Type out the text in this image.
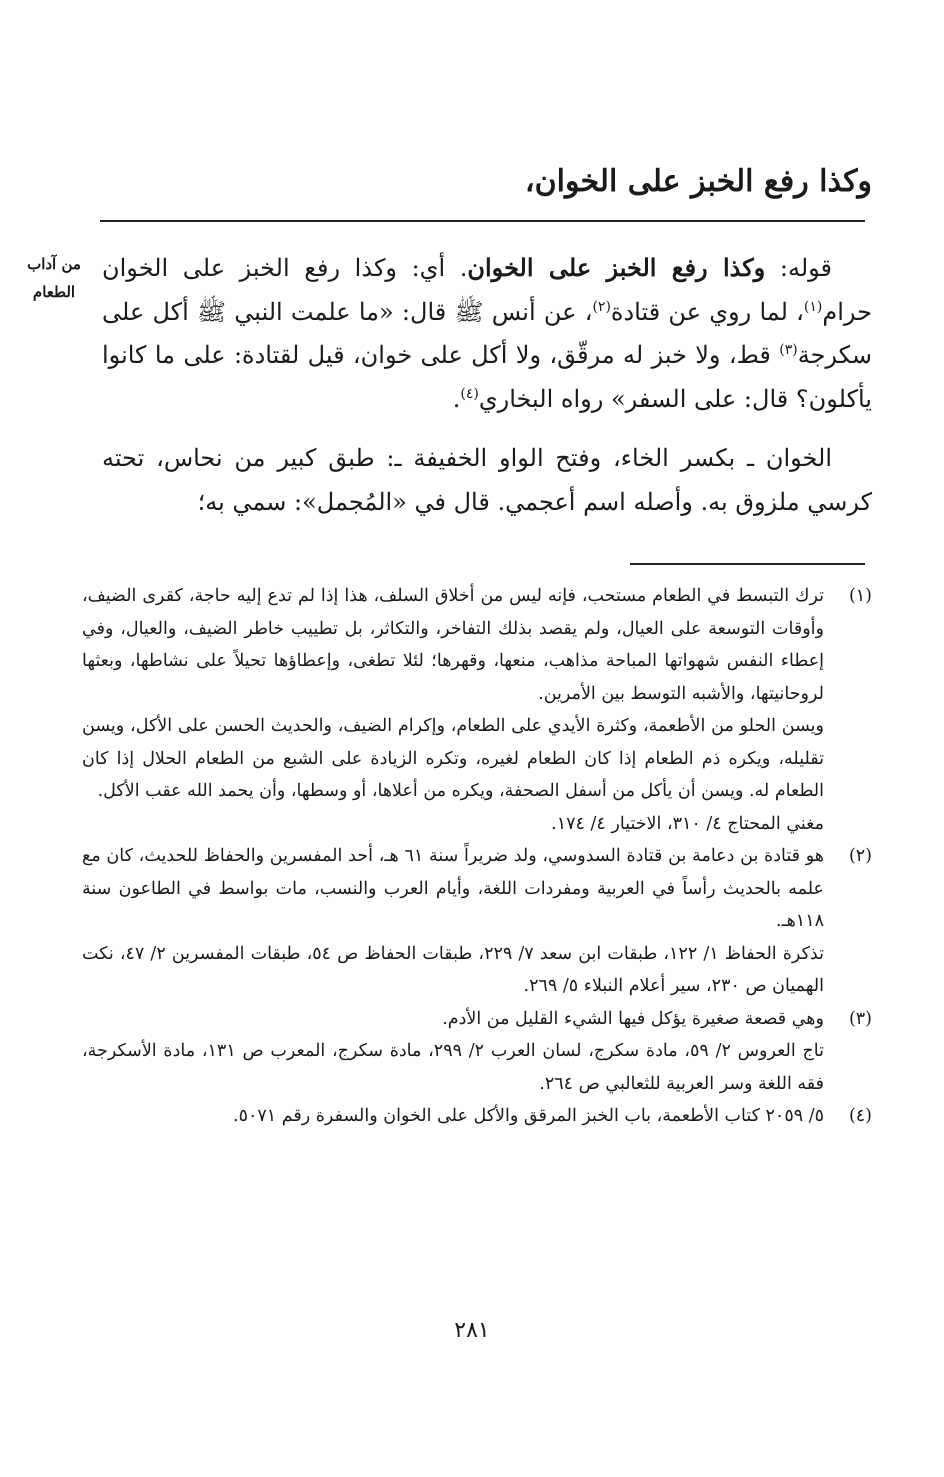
وكذا رفع الخبز على الخوان،
من آداب
الطعام

قوله: وكذا رفع الخبز على الخوان. أي: وكذا رفع الخبز على الخوان حرام$^{(١)}$، لما روي عن قتادة$^{(٢)}$، عن أنس ﷺ قال: «ما علمت النبي ﷺ أكل على سكرجة$^{(٣)}$ قط، ولا خبز له مرقّق، ولا أكل على خوان، قيل لقتادة: على ما كانوا يأكلون؟ قال: على السفر» رواه البخاري$^{(٤)}$.

الخوان ـ بكسر الخاء، وفتح الواو الخفيفة ـ: طبق كبير من نحاس، تحته كرسي ملزوق به. وأصله اسم أعجمي. قال في «المُجمل»: سمي به؛

(١)

ترك التبسط في الطعام مستحب، فإنه ليس من أخلاق السلف، هذا إذا لم تدع إليه حاجة، كقرى الضيف، وأوقات التوسعة على العيال، ولم يقصد بذلك التفاخر، والتكاثر، بل تطييب خاطر الضيف، والعيال، وفي إعطاء النفس شهواتها المباحة مذاهب، منعها، وقهرها؛ لئلا تطغى، وإعطاؤها تحيلاً على نشاطها، وبعثها لروحانيتها، والأشبه التوسط بين الأمرين.

ويسن الحلو من الأطعمة، وكثرة الأيدي على الطعام، وإكرام الضيف، والحديث الحسن على الأكل، ويسن تقليله، ويكره ذم الطعام إذا كان الطعام لغيره، وتكره الزيادة على الشبع من الطعام الحلال إذا كان الطعام له. ويسن أن يأكل من أسفل الصحفة، ويكره من أعلاها، أو وسطها، وأن يحمد الله عقب الأكل.

مغني المحتاج ٤/ ٣١٠، الاختيار ٤/ ١٧٤.

(٢)

هو قتادة بن دعامة بن قتادة السدوسي، ولد ضريراً سنة ٦١ هـ، أحد المفسرين والحفاظ للحديث، كان مع علمه بالحديث رأساً في العربية ومفردات اللغة، وأيام العرب والنسب، مات بواسط في الطاعون سنة ١١٨هـ.

تذكرة الحفاظ ١/ ١٢٢، طبقات ابن سعد ٧/ ٢٢٩، طبقات الحفاظ ص ٥٤، طبقات المفسرين ٢/ ٤٧، نكت الهميان ص ٢٣٠، سير أعلام النبلاء ٥/ ٢٦٩.

(٣)

وهي قصعة صغيرة يؤكل فيها الشيء القليل من الأدم.

تاج العروس ٢/ ٥٩، مادة سكرج، لسان العرب ٢/ ٢٩٩، مادة سكرج، المعرب ص ١٣١، مادة الأسكرجة، فقه اللغة وسر العربية للثعالبي ص ٢٦٤.

(٤)

٥/ ٢٠٥٩ كتاب الأطعمة، باب الخبز المرقق والأكل على الخوان والسفرة رقم ٥٠٧١.

٢٨١
